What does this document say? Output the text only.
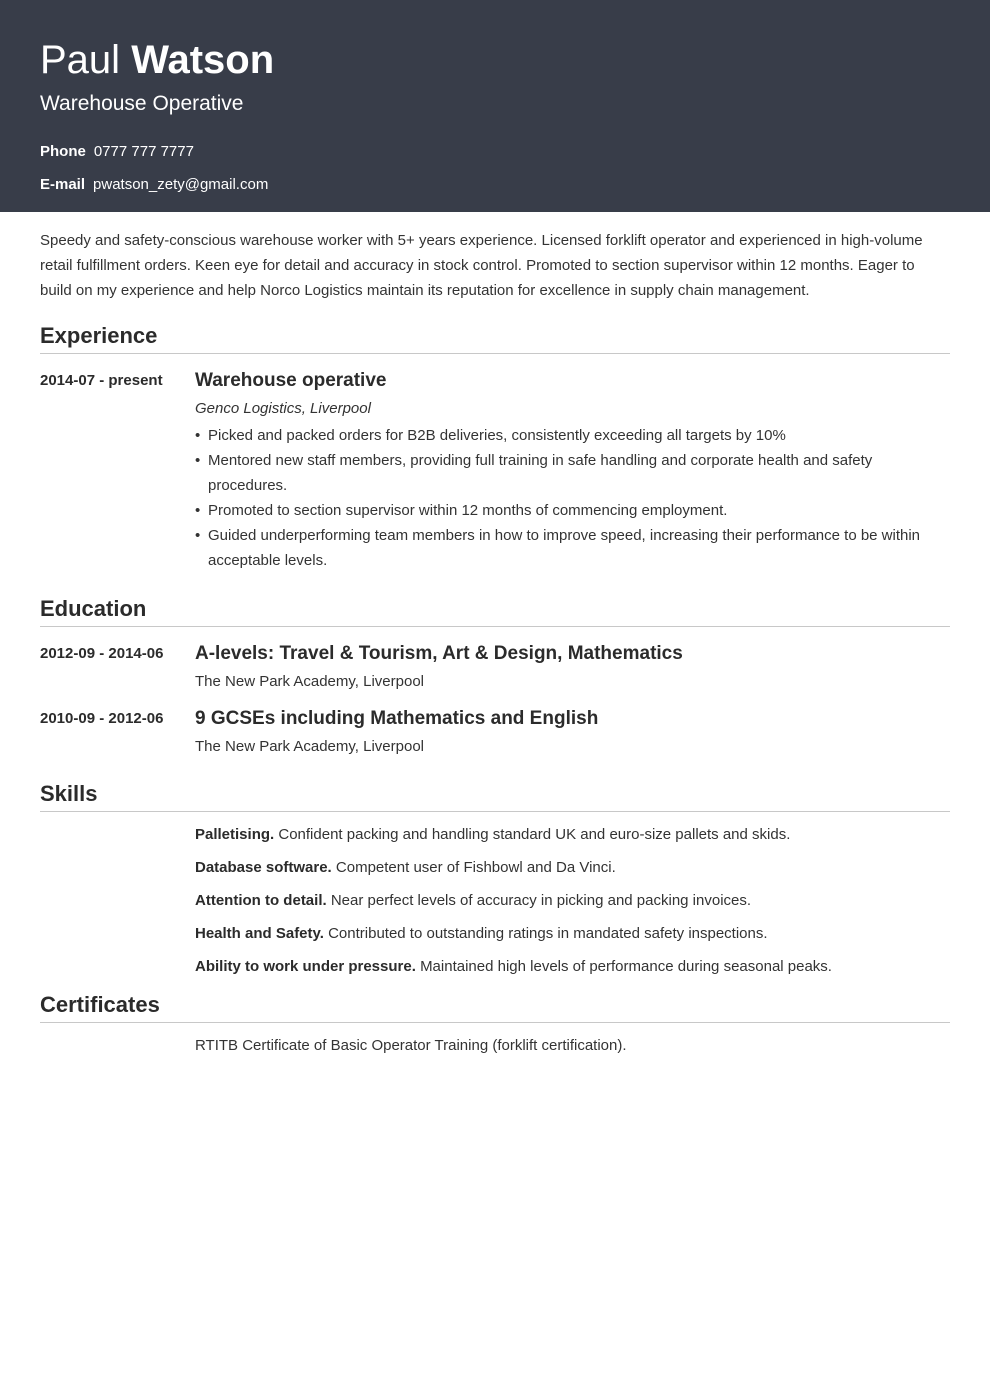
Paul Watson
Warehouse Operative
Phone 0777 777 7777
E-mail pwatson_zety@gmail.com

Speedy and safety-conscious warehouse worker with 5+ years experience. Licensed forklift operator and experienced in high-volume retail fulfillment orders. Keen eye for detail and accuracy in stock control. Promoted to section supervisor within 12 months. Eager to build on my experience and help Norco Logistics maintain its reputation for excellence in supply chain management.

Experience
2014-07 - present	Warehouse operative
Genco Logistics, Liverpool
• Picked and packed orders for B2B deliveries, consistently exceeding all targets by 10%
• Mentored new staff members, providing full training in safe handling and corporate health and safety procedures.
• Promoted to section supervisor within 12 months of commencing employment.
• Guided underperforming team members in how to improve speed, increasing their performance to be within acceptable levels.
Education
2012-09 - 2014-06	A-levels: Travel & Tourism, Art & Design, Mathematics
The New Park Academy, Liverpool
2010-09 - 2012-06	9 GCSEs including Mathematics and English
The New Park Academy, Liverpool
Skills
Palletising. Confident packing and handling standard UK and euro-size pallets and skids.
Database software. Competent user of Fishbowl and Da Vinci.
Attention to detail. Near perfect levels of accuracy in picking and packing invoices.
Health and Safety. Contributed to outstanding ratings in mandated safety inspections.
Ability to work under pressure. Maintained high levels of performance during seasonal peaks.
Certificates
RTITB Certificate of Basic Operator Training (forklift certification).
